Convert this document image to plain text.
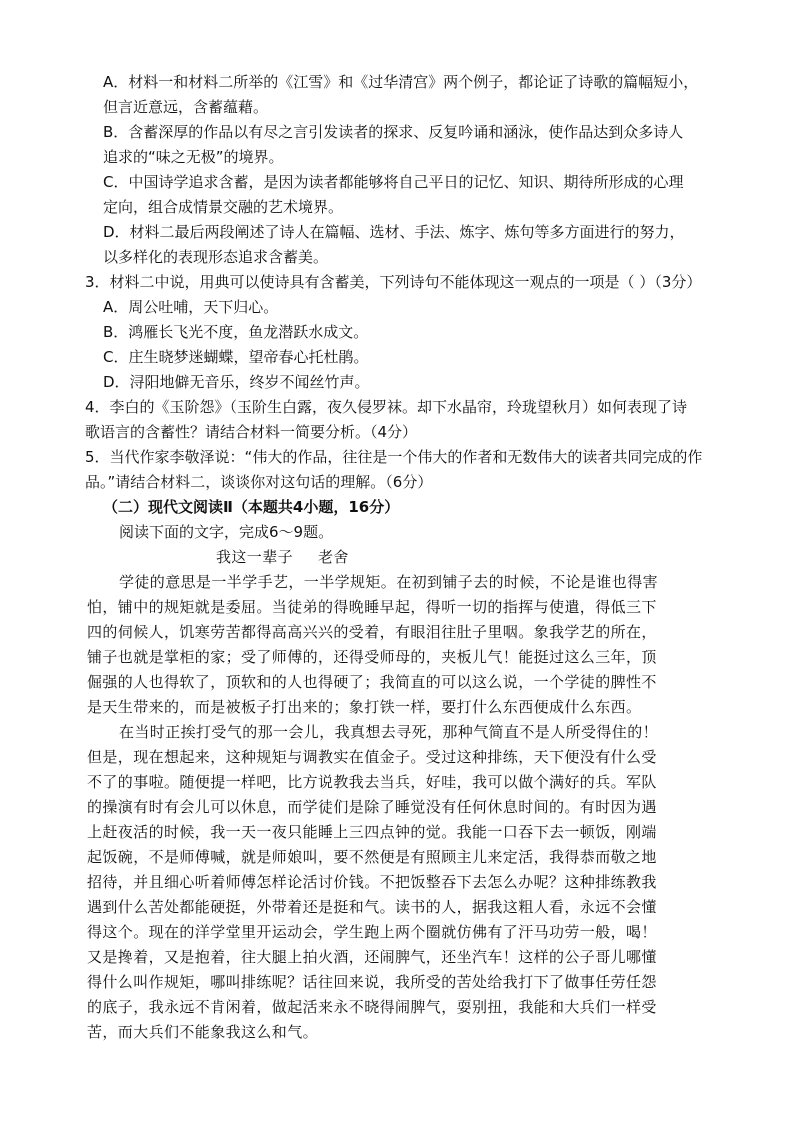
A．材料一和材料二所举的《江雪》和《过华清宫》两个例子，都论证了诗歌的篇幅短小，
但言近意远，含蓄蕴藉。
B．含蓄深厚的作品以有尽之言引发读者的探求、反复吟诵和涵泳，使作品达到众多诗人
追求的“味之无极”的境界。
C．中国诗学追求含蓄，是因为读者都能够将自己平日的记忆、知识、期待所形成的心理
定向，组合成情景交融的艺术境界。
D．材料二最后两段阐述了诗人在篇幅、选材、手法、炼字、炼句等多方面进行的努力，
以多样化的表现形态追求含蓄美。
3．材料二中说，用典可以使诗具有含蓄美，下列诗句不能体现这一观点的一项是（ ）（3分）
A．周公吐哺，天下归心。
B．鸿雁长飞光不度，鱼龙潜跃水成文。
C．庄生晓梦迷蝴蝶，望帝春心托杜鹃。
D．浔阳地僻无音乐，终岁不闻丝竹声。
4．李白的《玉阶怨》（玉阶生白露，夜久侵罗袜。却下水晶帘，玲珑望秋月）如何表现了诗
歌语言的含蓄性？请结合材料一简要分析。（4分）
5．当代作家李敬泽说：“伟大的作品，往往是一个伟大的作者和无数伟大的读者共同完成的作
品。”请结合材料二，谈谈你对这句话的理解。（6分）
（二）现代文阅读Ⅱ（本题共4小题，16分）
阅读下面的文字，完成6～9题。
我这一辈子 老舍
学徒的意思是一半学手艺，一半学规矩。在初到铺子去的时候，不论是谁也得害
怕，铺中的规矩就是委屈。当徒弟的得晚睡早起，得听一切的指挥与使遣，得低三下
四的伺候人，饥寒劳苦都得高高兴兴的受着，有眼泪往肚子里咽。象我学艺的所在，
铺子也就是掌柜的家；受了师傅的，还得受师母的，夹板儿气！能挺过这么三年，顶
倔强的人也得软了，顶软和的人也得硬了；我简直的可以这么说，一个学徒的脾性不
是天生带来的，而是被板子打出来的；象打铁一样，要打什么东西便成什么东西。
在当时正挨打受气的那一会儿，我真想去寻死，那种气简直不是人所受得住的！
但是，现在想起来，这种规矩与调教实在值金子。受过这种排练，天下便没有什么受
不了的事啦。随便提一样吧，比方说教我去当兵，好哇，我可以做个满好的兵。军队
的操演有时有会儿可以休息，而学徒们是除了睡觉没有任何休息时间的。有时因为遇
上赶夜活的时候，我一天一夜只能睡上三四点钟的觉。我能一口吞下去一顿饭，刚端
起饭碗，不是师傅喊，就是师娘叫，要不然便是有照顾主儿来定活，我得恭而敬之地
招待，并且细心听着师傅怎样论活讨价钱。不把饭整吞下去怎么办呢？这种排练教我
遇到什么苦处都能硬挺，外带着还是挺和气。读书的人，据我这粗人看，永远不会懂
得这个。现在的洋学堂里开运动会，学生跑上两个圈就仿佛有了汗马功劳一般，喝！
又是搀着，又是抱着，往大腿上拍火酒，还闹脾气，还坐汽车！这样的公子哥儿哪懂
得什么叫作规矩，哪叫排练呢？话往回来说，我所受的苦处给我打下了做事任劳任怨
的底子，我永远不肯闲着，做起活来永不晓得闹脾气，耍别扭，我能和大兵们一样受
苦，而大兵们不能象我这么和气。
